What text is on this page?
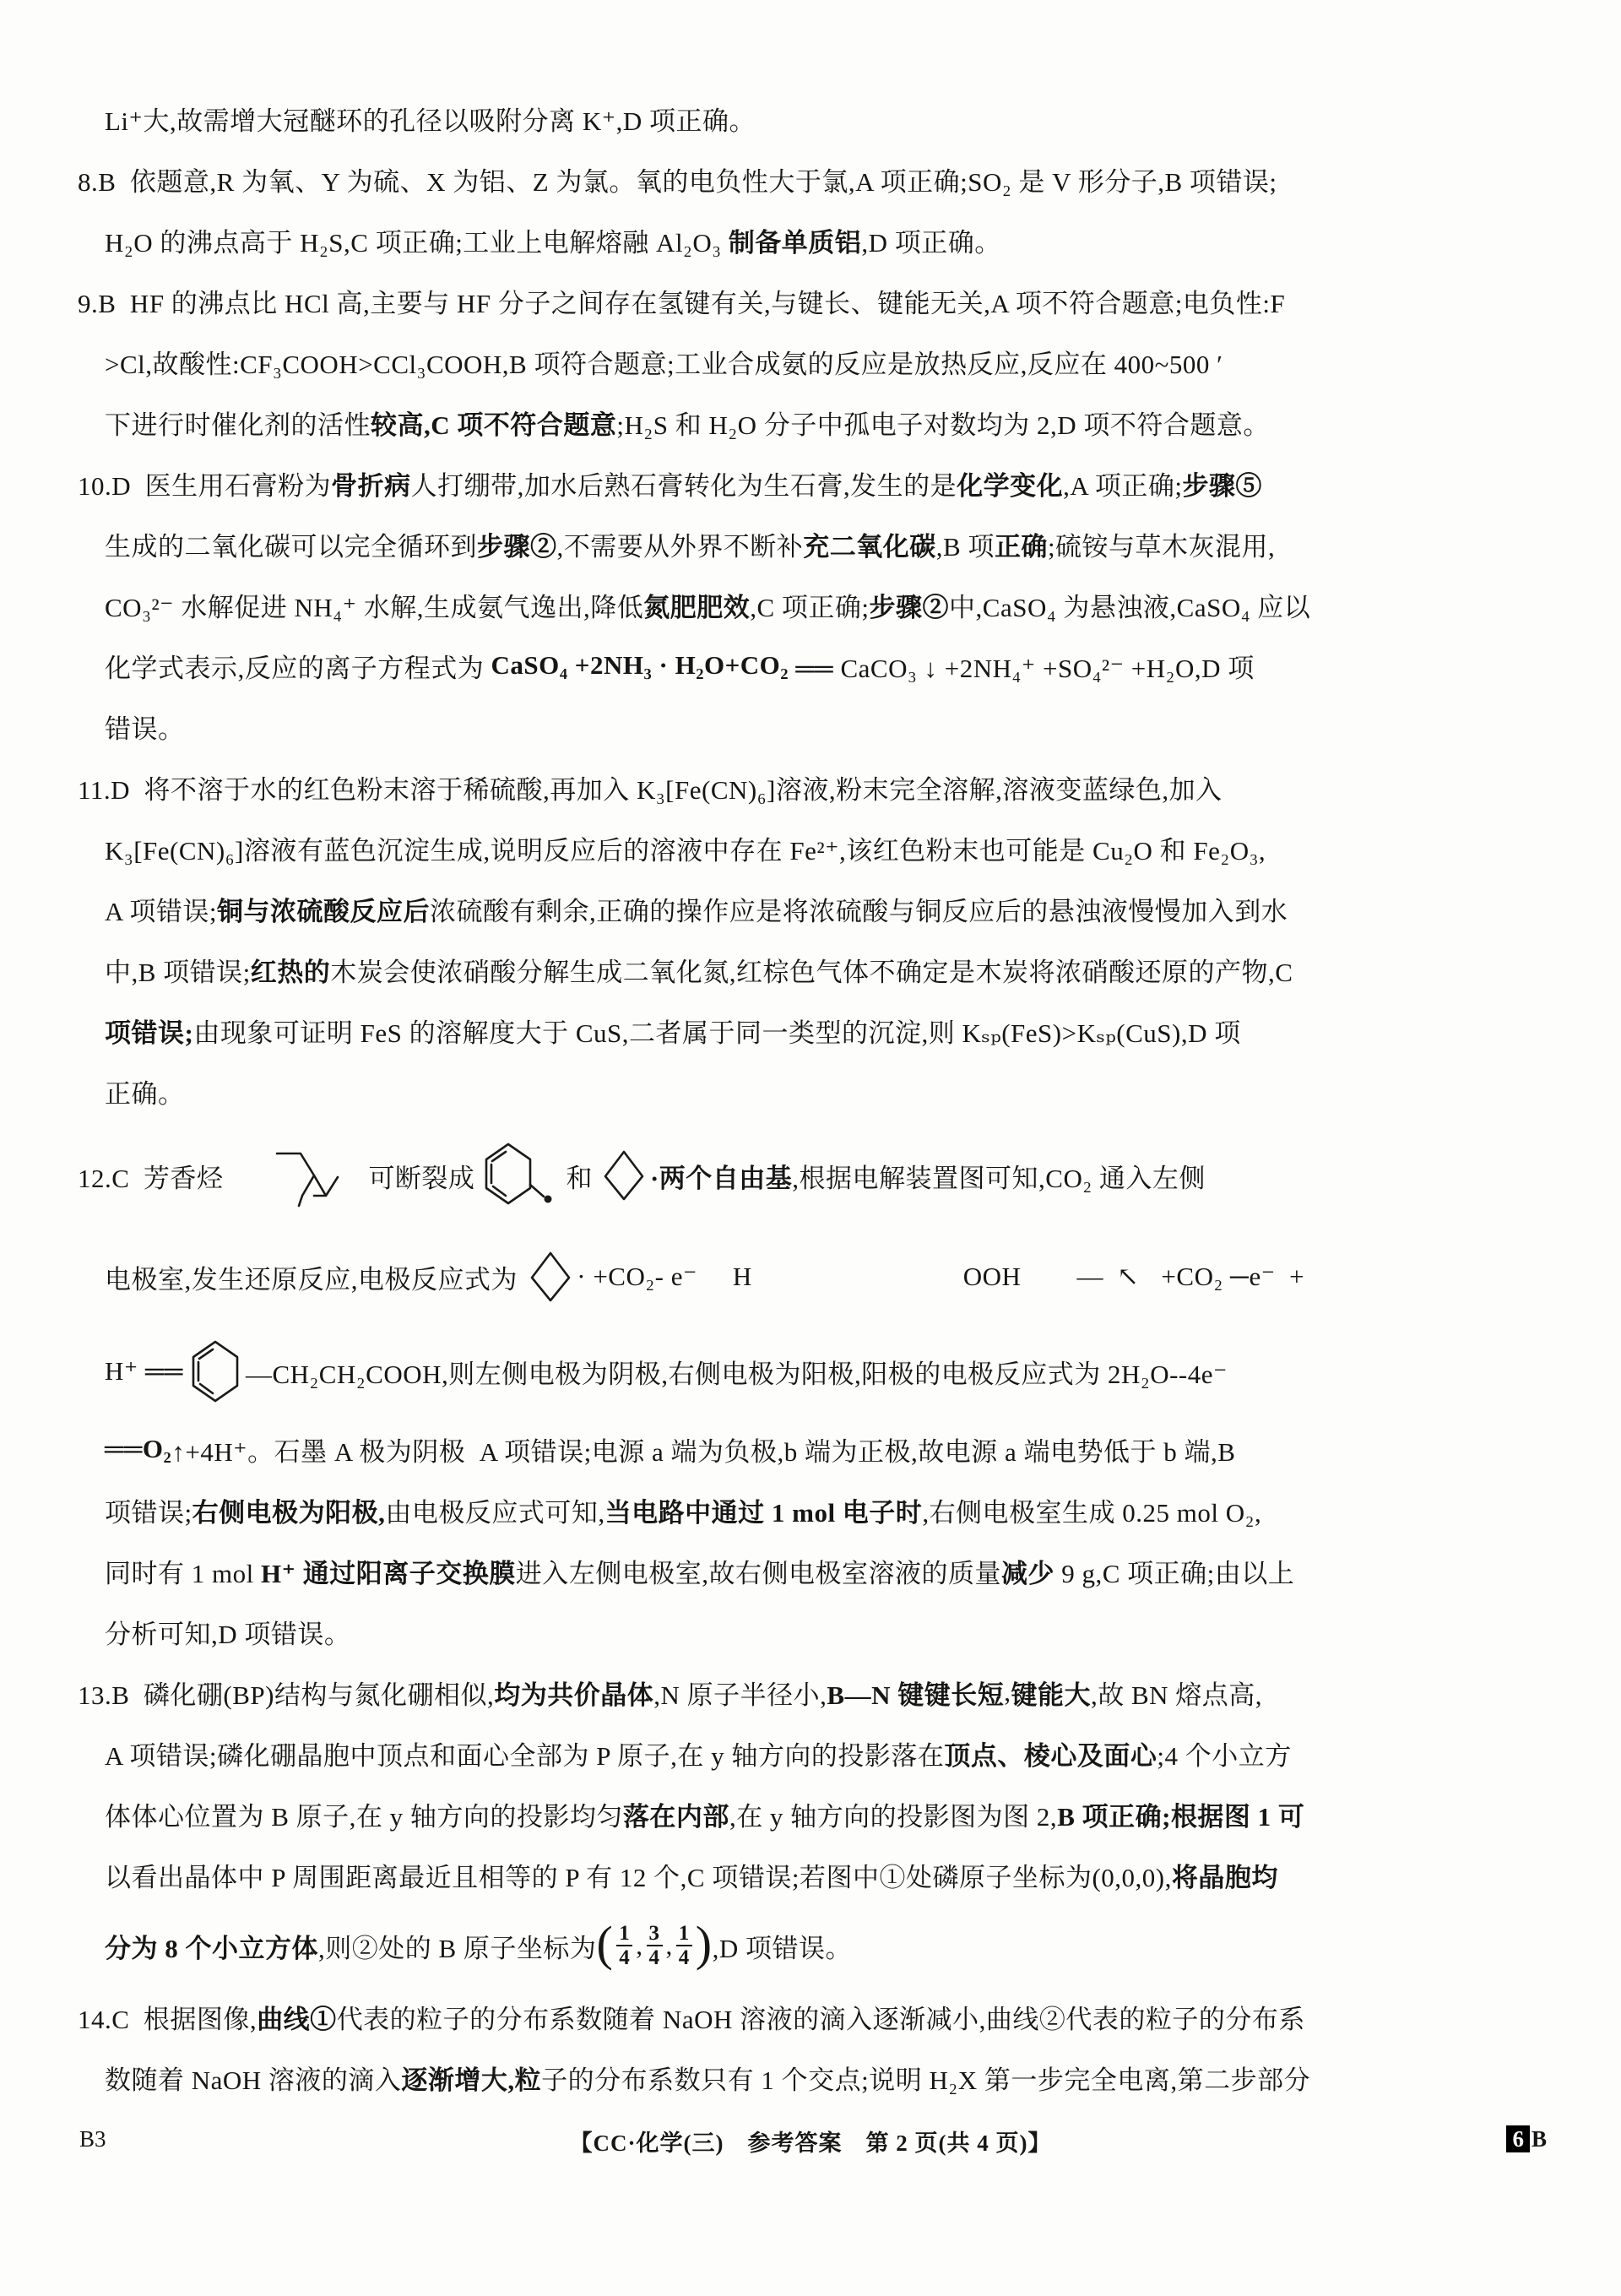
Li⁺大,故需增大冠醚环的孔径以吸附分离 K⁺,D 项正确。
8.B  依题意,R 为氧、Y 为硫、X 为铝、Z 为氯。氧的电负性大于氯,A 项正确;SO₂ 是 V 形分子,B 项错误;
H₂O 的沸点高于 H₂S,C 项正确;工业上电解熔融 Al₂O₃ 制备单质铝 ,D 项正确。
9.B  HF 的沸点比 HCl 高,主要与 HF 分子之间存在氢键有关,与键长、键能无关,A 项不符合题意;电负性:F
>Cl,故酸性:CF₃COOH>CCl₃COOH,B 项符合题意;工业合成氨的反应是放热反应,反应在 400~500 ′
下进行时催化剂的活性 较高,C 项不符合题意 ;H₂S 和 H₂O 分子中孤电子对数均为 2,D 项不符合题意。
10.D  医生用石膏粉为 骨折病 人打绷带,加水后熟石膏转化为生石膏,发生的是 化学变化 ,A 项正确; 步骤⑤
生成的二氧化碳可以完全循环到 步骤② ,不需要从外界不断补 充二氧化碳 ,B 项 正确 ;硫铵与草木灰混用,
CO₃²⁻ 水解促进 NH₄⁺ 水解,生成氨气逸出,降低 氮肥肥效 ,C 项正确; 步骤② 中,CaSO₄ 为悬浊液,CaSO₄ 应以
化学式表示,反应的离子方程式为 CaSO₄ +2NH₃ · H₂O+CO₂ ══ CaCO₃ ↓ +2NH₄⁺ +SO₄²⁻ +H₂O,D 项
错误。
11.D  将不溶于水的红色粉末溶于稀硫酸,再加入 K₃[Fe(CN)₆]溶液,粉末完全溶解,溶液变蓝绿色,加入
K₃[Fe(CN)₆]溶液有蓝色沉淀生成,说明反应后的溶液中存在 Fe²⁺,该红色粉末也可能是 Cu₂O 和 Fe₂O₃,
A 项错误; 铜与浓硫酸反应后 浓硫酸有剩余,正确的操作应是将浓硫酸与铜反应后的悬浊液慢慢加入到水
中,B 项错误; 红热的 木炭会使浓硝酸分解生成二氧化氮,红棕色气体不确定是木炭将浓硝酸还原的产物,C
项错误; 由现象可证明 FeS 的溶解度大于 CuS,二者属于同一类型的沉淀,则 Kₛₚ(FeS)>Kₛₚ(CuS),D 项
正确。
12.C  芳香烃	可断裂成	和 ·两个自由基 ,根据电解装置图可知,CO₂ 通入左侧
电极室,发生还原反应,电极反应式为 · +CO₂- e⁻ H	OOH — ↖ +CO₂ ─e⁻  +
H⁺ ══ —CH₂CH₂COOH,则左侧电极为阴极,右侧电极为阳极,阳极的电极反应式为 2H₂O--4e⁻
══O₂ ↑+4H⁺。石墨 A 极为阴极  A 项错误;电源 a 端为负极,b 端为正极,故电源 a 端电势低于 b 端,B
项错误; 右侧电极为阳极, 由电极反应式可知, 当电路中通过 1 mol 电子时 ,右侧电极室生成 0.25 mol O₂,
同时有 1 mol H⁺ 通过阳离子交换膜 进入左侧电极室,故右侧电极室溶液的质量 减少 9 g,C 项正确;由以上
分析可知,D 项错误。
13.B  磷化硼(BP)结构与氮化硼相似, 均为共价晶体 ,N 原子半径小, B—N 键键长短 , 键能大 ,故 BN 熔点高,
A 项错误;磷化硼晶胞中顶点和面心全部为 P 原子,在 y 轴方向的投影落在 顶点、棱心及面心 ;4 个小立方
体体心位置为 B 原子,在 y 轴方向的投影均匀 落在内部 ,在 y 轴方向的投影图为图 2, B 项正确;根据图 1 可
以看出晶体中 P 周围距离最近且相等的 P 有 12 个,C 项错误;若图中①处磷原子坐标为(0,0,0), 将晶胞均
分为 8 个小立方体 ,则②处的 B 原子坐标为 ( $\frac{1}{4}$ , $\frac{3}{4}$ , $\frac{1}{4}$ ) ,D 项错误。
14.C  根据图像, 曲线① 代表的粒子的分布系数随着 NaOH 溶液的滴入逐渐减小,曲线②代表的粒子的分布系
数随着 NaOH 溶液的滴入 逐渐增大,粒 子的分布系数只有 1 个交点;说明 H₂X 第一步完全电离,第二步部分
B3	【CC·化学(三)　参考答案　第 2 页(共 4 页)】	6 B
